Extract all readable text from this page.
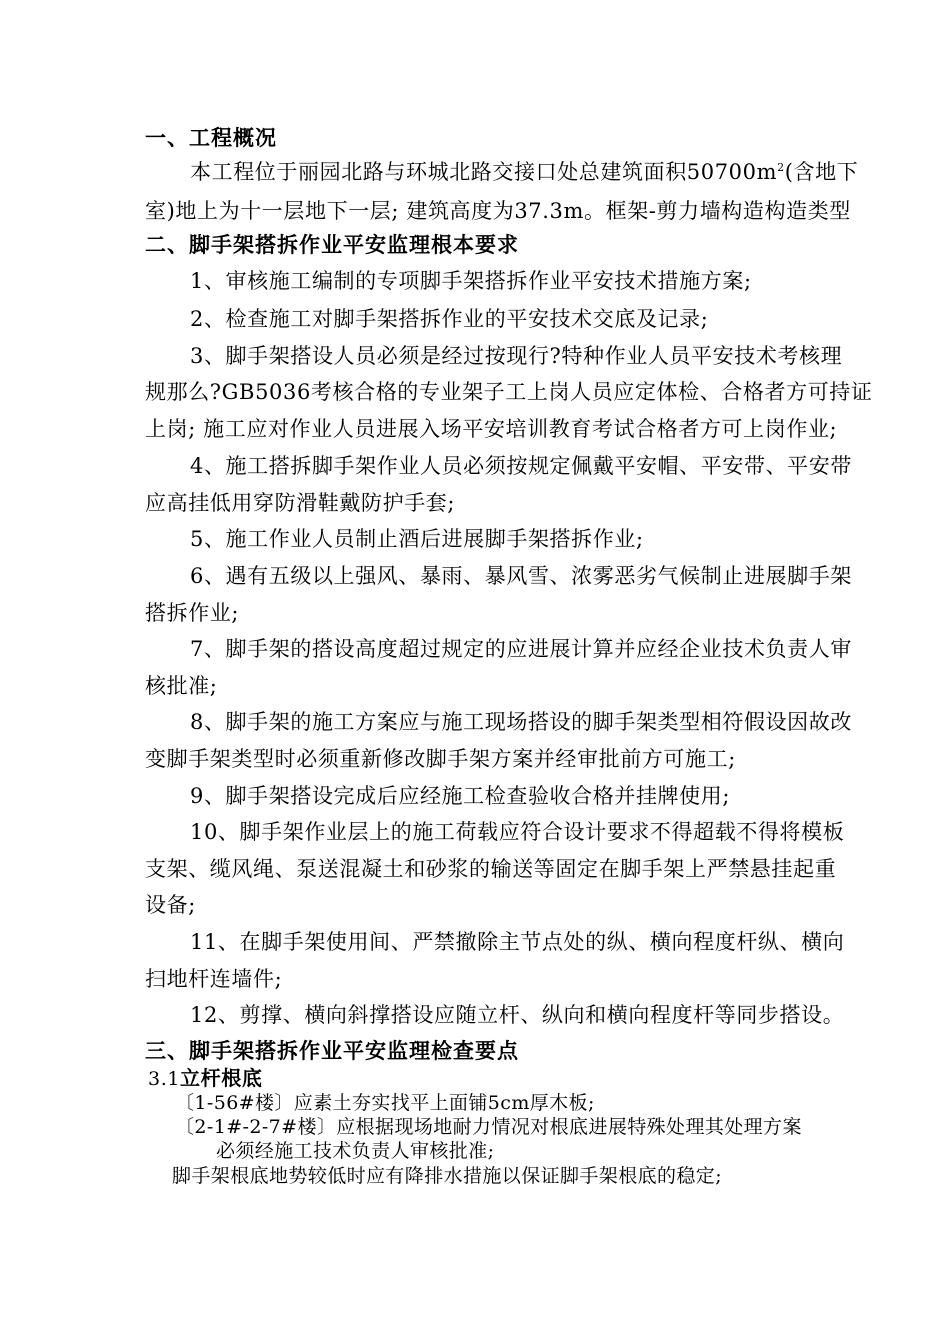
一、工程概况
本工程位于丽园北路与环城北路交接口处总建筑面积$50700m^2$(含地下
室)地上为十一层地下一层; 建筑高度为37.3m。框架-剪力墙构造构造类型
二、脚手架搭拆作业平安监理根本要求
1、审核施工编制的专项脚手架搭拆作业平安技术措施方案;
2、检查施工对脚手架搭拆作业的平安技术交底及记录;
3、脚手架搭设人员必须是经过按现行?特种作业人员平安技术考核理
规那么?GB5036考核合格的专业架子工上岗人员应定体检、合格者方可持证
上岗; 施工应对作业人员进展入场平安培训教育考试合格者方可上岗作业;
4、施工搭拆脚手架作业人员必须按规定佩戴平安帽、平安带、平安带
应高挂低用穿防滑鞋戴防护手套;
5、施工作业人员制止酒后进展脚手架搭拆作业;
6、遇有五级以上强风、暴雨、暴风雪、浓雾恶劣气候制止进展脚手架
搭拆作业;
7、脚手架的搭设高度超过规定的应进展计算并应经企业技术负责人审
核批准;
8、脚手架的施工方案应与施工现场搭设的脚手架类型相符假设因故改
变脚手架类型时必须重新修改脚手架方案并经审批前方可施工;
9、脚手架搭设完成后应经施工检查验收合格并挂牌使用;
10、脚手架作业层上的施工荷载应符合设计要求不得超载不得将模板
支架、缆风绳、泵送混凝土和砂浆的输送等固定在脚手架上严禁悬挂起重
设备;
11、在脚手架使用间、严禁撤除主节点处的纵、横向程度杆纵、横向
扫地杆连墙件;
12、剪撑、横向斜撑搭设应随立杆、纵向和横向程度杆等同步搭设。
三、脚手架搭拆作业平安监理检查要点
3.1立杆根底
〔1-56#楼〕应素土夯实找平上面铺5cm厚木板;
〔2-1#-2-7#楼〕应根据现场地耐力情况对根底进展特殊处理其处理方案
必须经施工技术负责人审核批准;
脚手架根底地势较低时应有降排水措施以保证脚手架根底的稳定;
